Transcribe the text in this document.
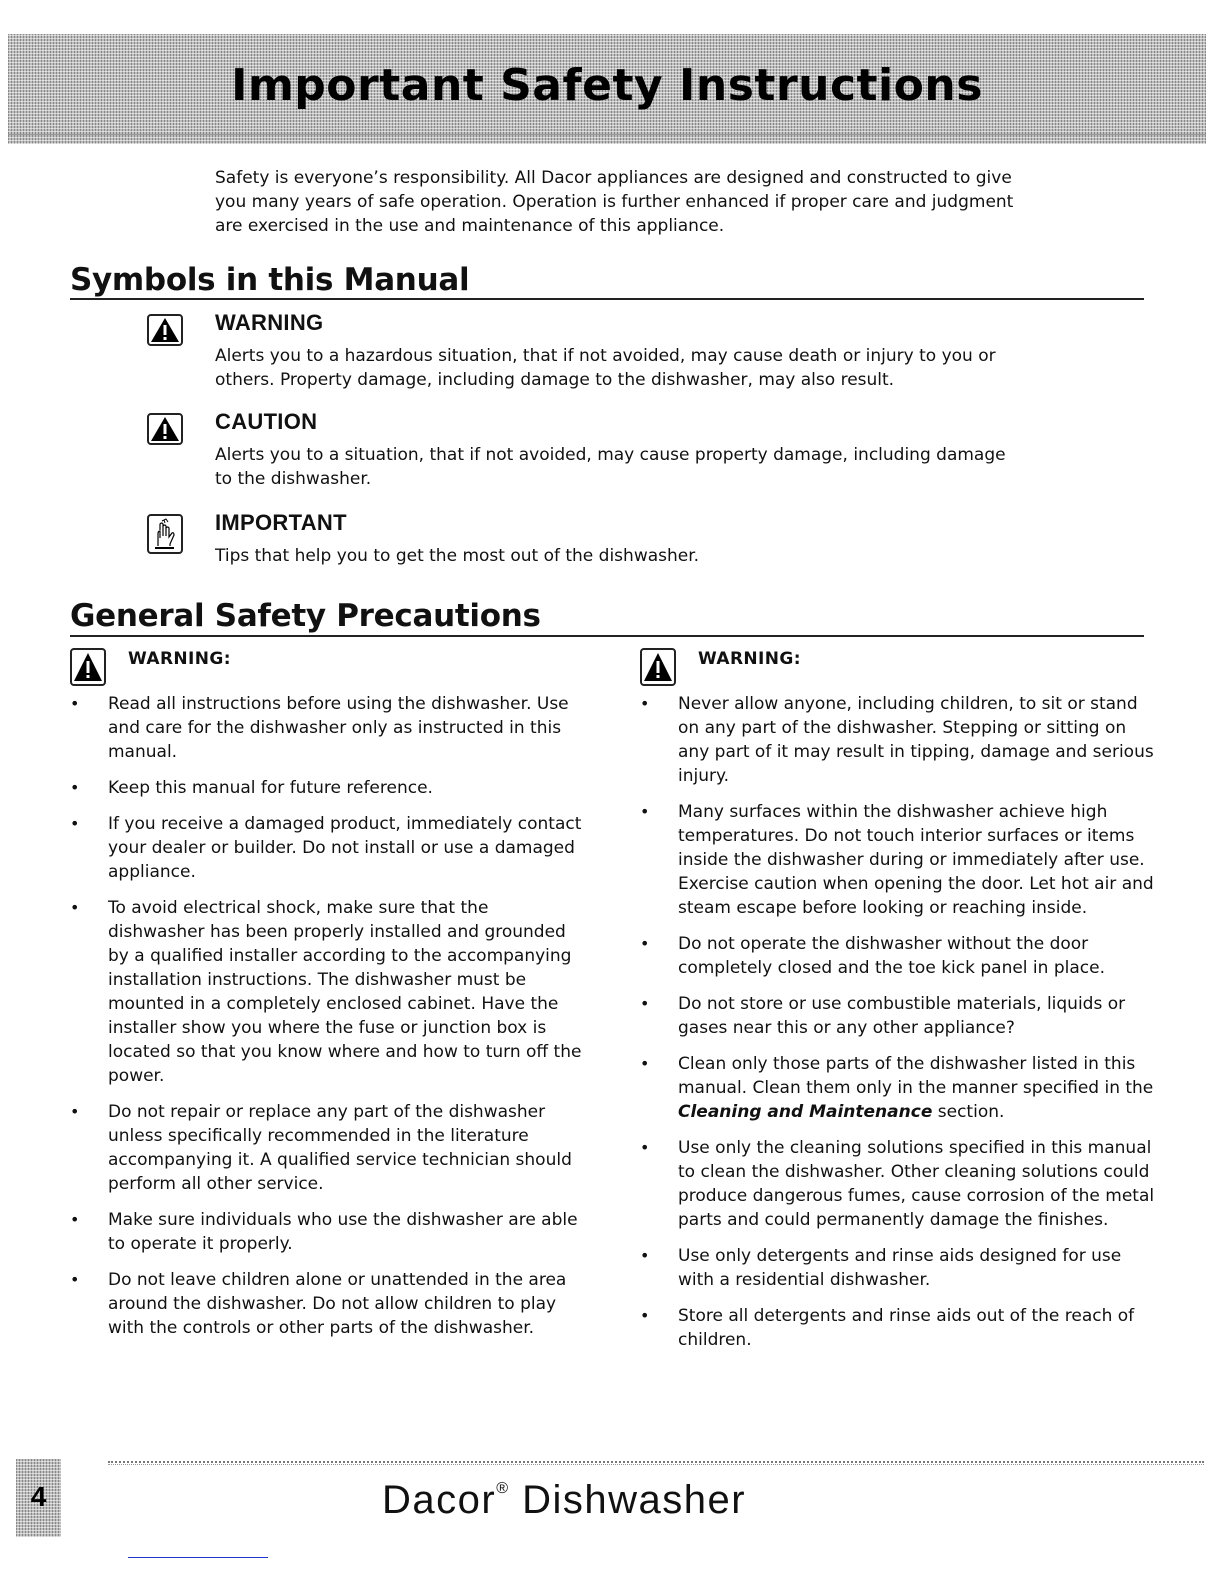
Important Safety Instructions

Safety is everyone’s responsibility. All Dacor appliances are designed and constructed to give you many years of safe operation. Operation is further enhanced if proper care and judgment are exercised in the use and maintenance of this appliance.

Symbols in this Manual
WARNING
Alerts you to a hazardous situation, that if not avoided, may cause death or injury to you or others. Property damage, including damage to the dishwasher, may also result.
CAUTION
Alerts you to a situation, that if not avoided, may cause property damage, including damage to the dishwasher.
IMPORTANT
Tips that help you to get the most out of the dishwasher.
General Safety Precautions
WARNING:
• Read all instructions before using the dishwasher. Use and care for the dishwasher only as instructed in this manual.
• Keep this manual for future reference.
• If you receive a damaged product, immediately contact your dealer or builder. Do not install or use a damaged appliance.
• To avoid electrical shock, make sure that the dishwasher has been properly installed and grounded by a qualified installer according to the accompanying installation instructions. The dishwasher must be mounted in a completely enclosed cabinet. Have the installer show you where the fuse or junction box is located so that you know where and how to turn off the power.
• Do not repair or replace any part of the dishwasher unless specifically recommended in the literature accompanying it. A qualified service technician should perform all other service.
• Make sure individuals who use the dishwasher are able to operate it properly.
• Do not leave children alone or unattended in the area around the dishwasher. Do not allow children to play with the controls or other parts of the dishwasher.
WARNING:
• Never allow anyone, including children, to sit or stand on any part of the dishwasher. Stepping or sitting on any part of it may result in tipping, damage and serious injury.
• Many surfaces within the dishwasher achieve high temperatures. Do not touch interior surfaces or items inside the dishwasher during or immediately after use. Exercise caution when opening the door. Let hot air and steam escape before looking or reaching inside.
• Do not operate the dishwasher without the door completely closed and the toe kick panel in place.
• Do not store or use combustible materials, liquids or gases near this or any other appliance?
• Clean only those parts of the dishwasher listed in this manual. Clean them only in the manner specified in the Cleaning and Maintenance section.
• Use only the cleaning solutions specified in this manual to clean the dishwasher. Other cleaning solutions could produce dangerous fumes, cause corrosion of the metal parts and could permanently damage the finishes.
• Use only detergents and rinse aids designed for use with a residential dishwasher.
• Store all detergents and rinse aids out of the reach of children.
4	Dacor® Dishwasher
